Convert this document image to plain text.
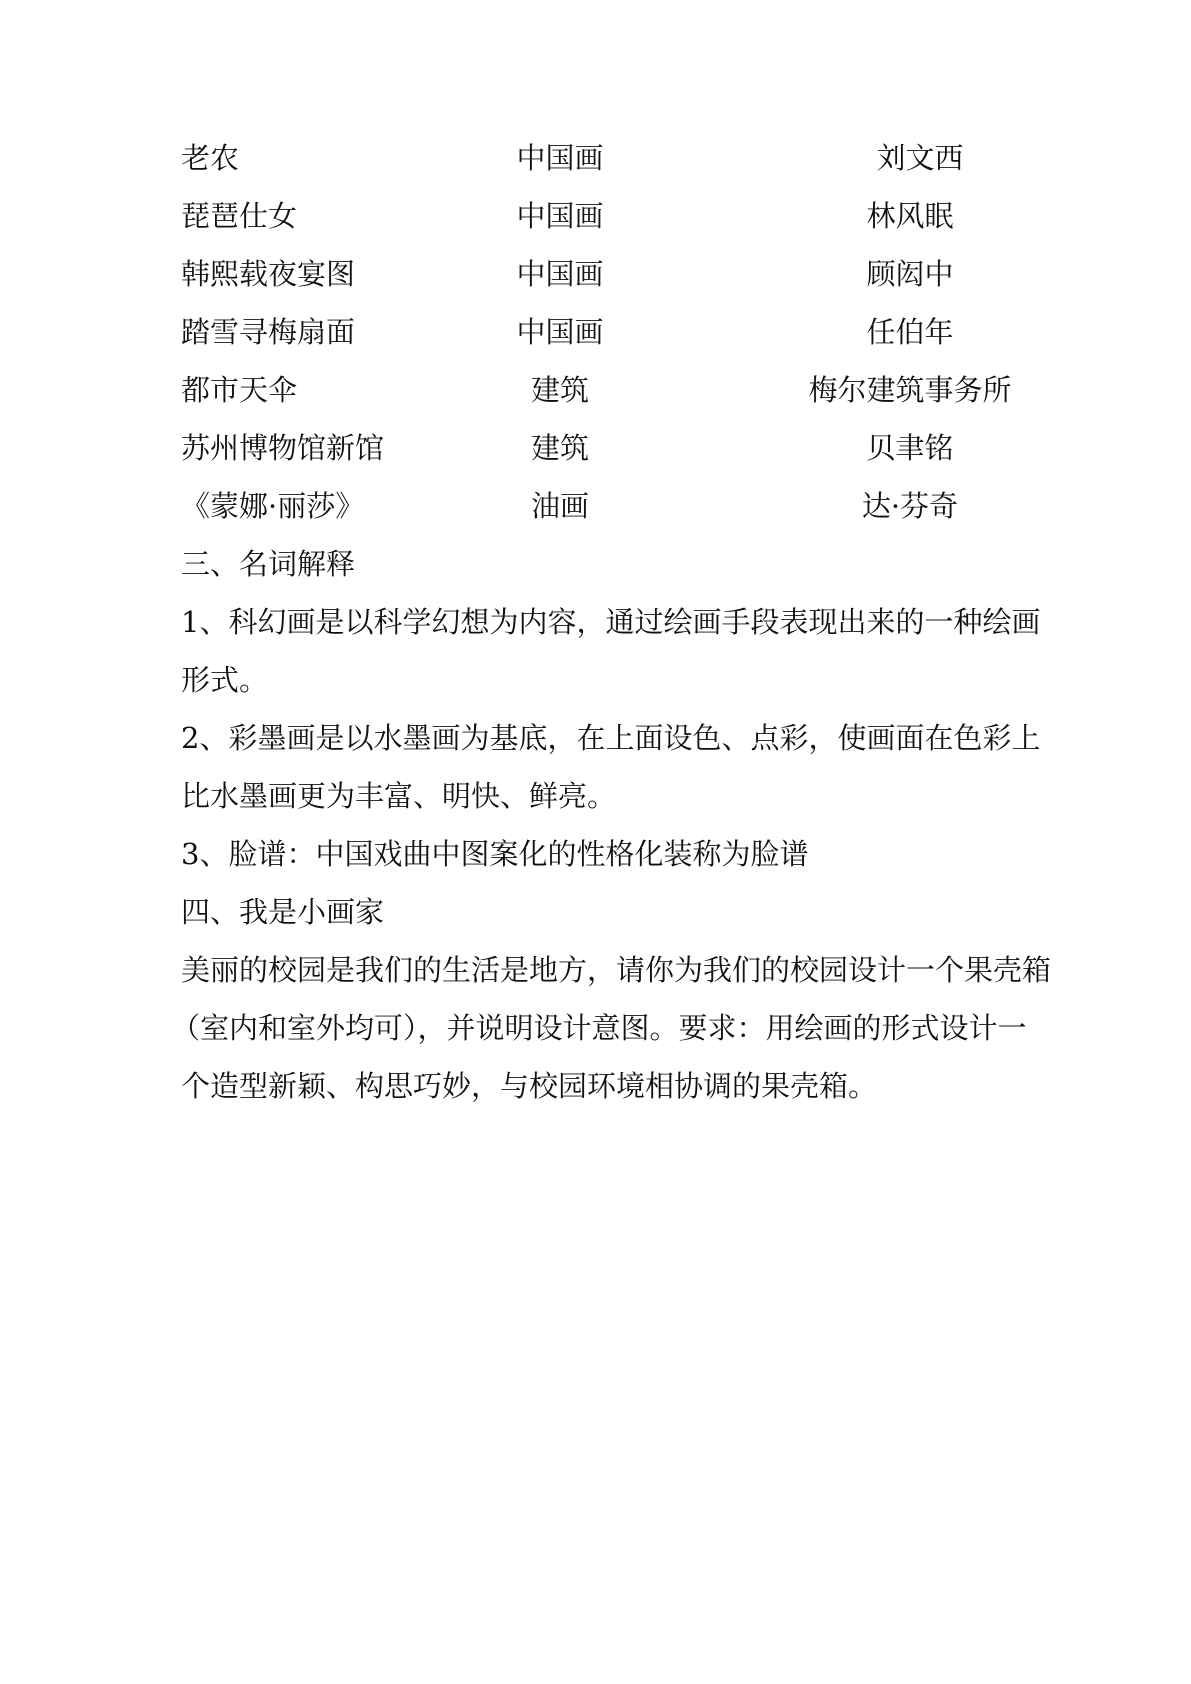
老农	中国画	刘文西
琵琶仕女	中国画	林风眠
韩熙载夜宴图	中国画	顾闳中
踏雪寻梅扇面	中国画	任伯年
都市天伞	建筑	梅尔建筑事务所
苏州博物馆新馆	建筑	贝聿铭
《蒙娜·丽莎》	油画	达·芬奇
三、名词解释
1、科幻画是以科学幻想为内容，通过绘画手段表现出来的一种绘画
形式。
2、彩墨画是以水墨画为基底，在上面设色、点彩，使画面在色彩上
比水墨画更为丰富、明快、鲜亮。
3、脸谱：中国戏曲中图案化的性格化装称为脸谱
四、我是小画家
美丽的校园是我们的生活是地方，请你为我们的校园设计一个果壳箱
（室内和室外均可），并说明设计意图。要求：用绘画的形式设计一
个造型新颖、构思巧妙，与校园环境相协调的果壳箱。
